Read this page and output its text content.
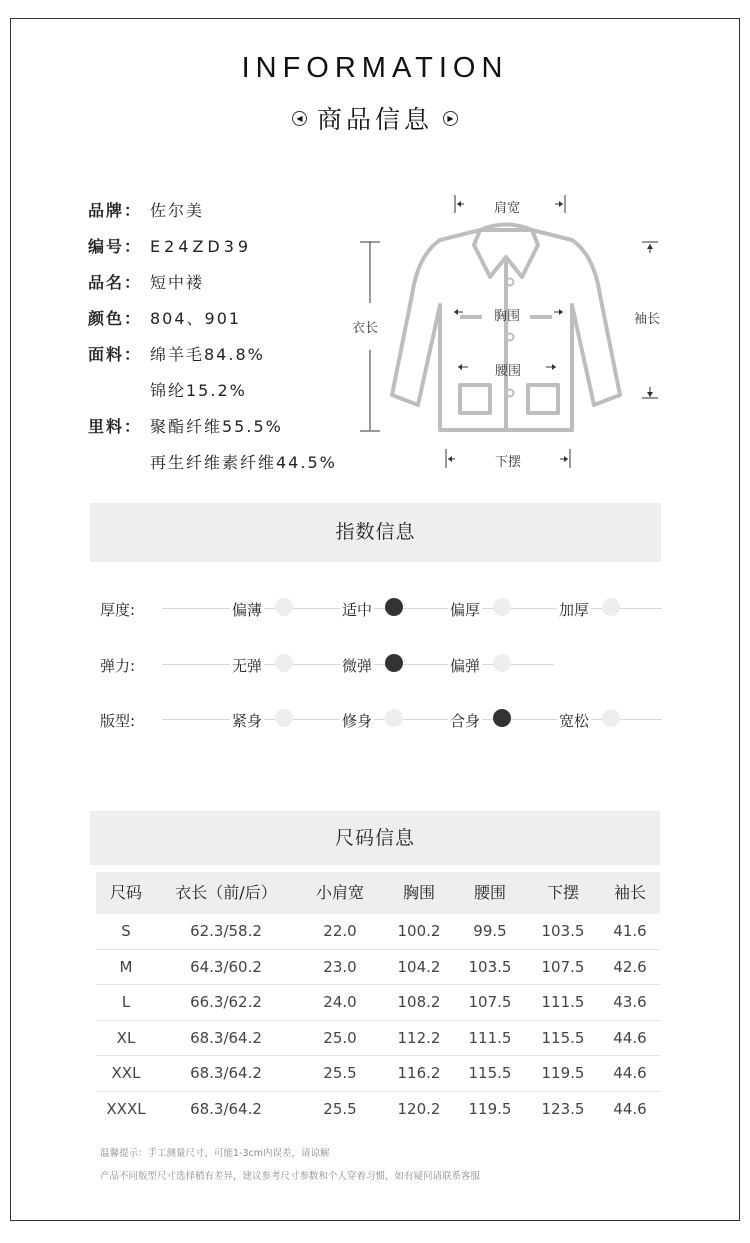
INFORMATION
◀ 商品信息 ▶
品牌： 佐尔美
编号： E24ZD39
品名： 短中褛
颜色： 804、901
面料： 绵羊毛84.8%
锦纶15.2%
里料： 聚酯纤维55.5%
再生纤维素纤维44.5%
肩宽
衣长
胸围
腰围
下摆
袖长
指数信息
厚度:	偏薄	适中	偏厚	加厚
弹力:	无弹	微弹	偏弹
版型:	紧身	修身	合身	宽松
尺码信息
尺码	衣长（前/后）	小肩宽	胸围	腰围	下摆	袖长
S	62.3/58.2	22.0	100.2	99.5	103.5	41.6
M	64.3/60.2	23.0	104.2	103.5	107.5	42.6
L	66.3/62.2	24.0	108.2	107.5	111.5	43.6
XL	68.3/64.2	25.0	112.2	111.5	115.5	44.6
XXL	68.3/64.2	25.5	116.2	115.5	119.5	44.6
XXXL	68.3/64.2	25.5	120.2	119.5	123.5	44.6
温馨提示：手工测量尺寸，可能1-3cm内误差，请谅解
产品不同版型尺寸选择稍有差异，建议参考尺寸参数和个人穿着习惯，如有疑问请联系客服
